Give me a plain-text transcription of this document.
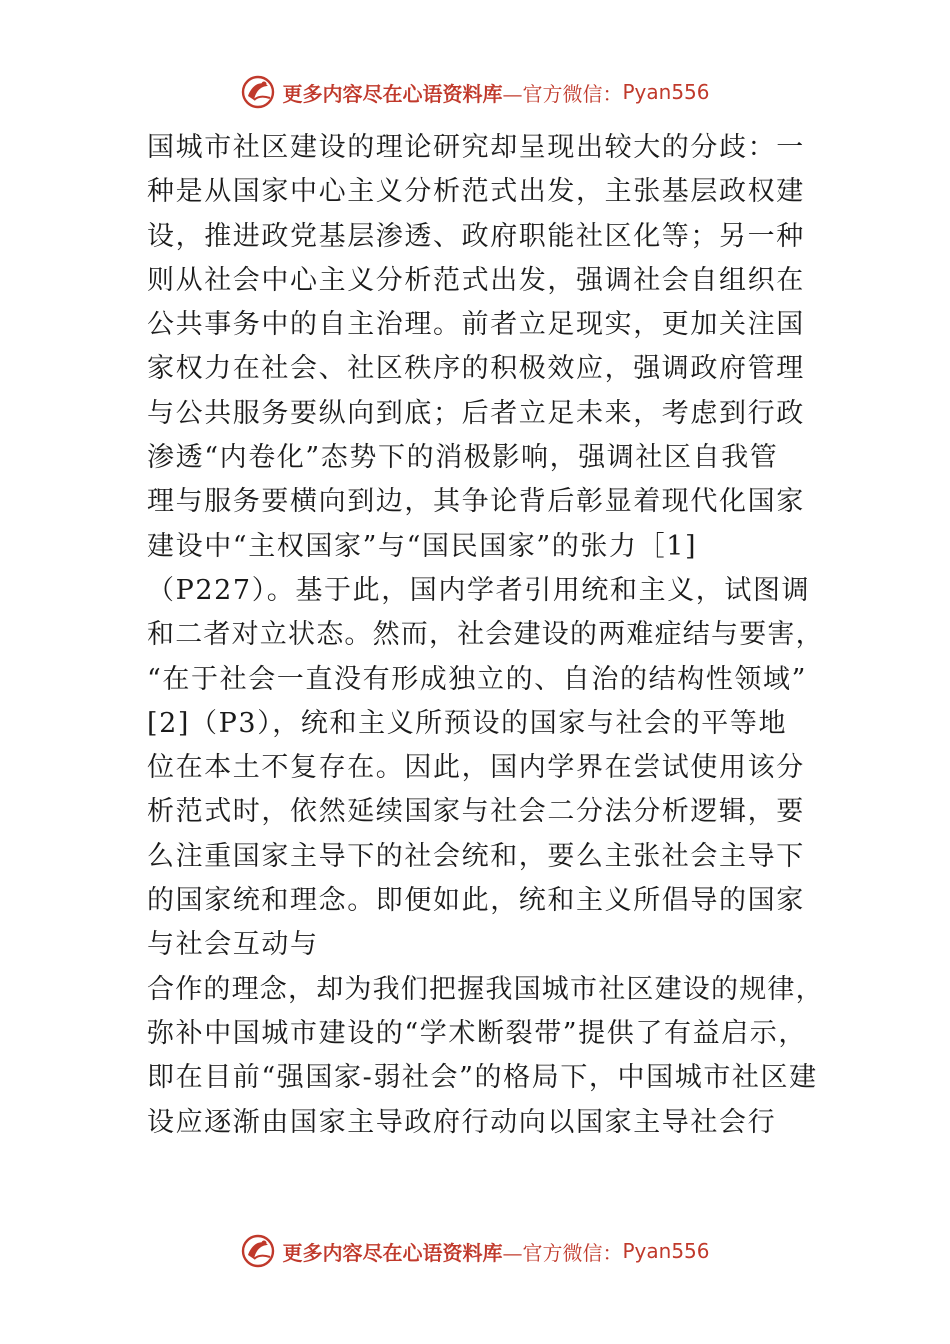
更多内容尽在心语资料库 —官方微信： Pyan556
国城市社区建设的理论研究却呈现出较大的分歧：一
种是从国家中心主义分析范式出发，主张基层政权建
设，推进政党基层渗透、政府职能社区化等；另一种
则从社会中心主义分析范式出发，强调社会自组织在
公共事务中的自主治理。前者立足现实，更加关注国
家权力在社会、社区秩序的积极效应，强调政府管理
与公共服务要纵向到底；后者立足未来，考虑到行政
渗透“内卷化”态势下的消极影响，强调社区自我管
理与服务要横向到边，其争论背后彰显着现代化国家
建设中“主权国家”与“国民国家”的张力［1]
（P227）。基于此，国内学者引用统和主义，试图调
和二者对立状态。然而，社会建设的两难症结与要害，
“在于社会一直没有形成独立的、自治的结构性领域”
[2]（P3），统和主义所预设的国家与社会的平等地
位在本土不复存在。因此，国内学界在尝试使用该分
析范式时，依然延续国家与社会二分法分析逻辑，要
么注重国家主导下的社会统和，要么主张社会主导下
的国家统和理念。即便如此，统和主义所倡导的国家
与社会互动与
合作的理念，却为我们把握我国城市社区建设的规律，
弥补中国城市建设的“学术断裂带”提供了有益启示，
即在目前“强国家-弱社会”的格局下，中国城市社区建
设应逐渐由国家主导政府行动向以国家主导社会行
更多内容尽在心语资料库 —官方微信： Pyan556
